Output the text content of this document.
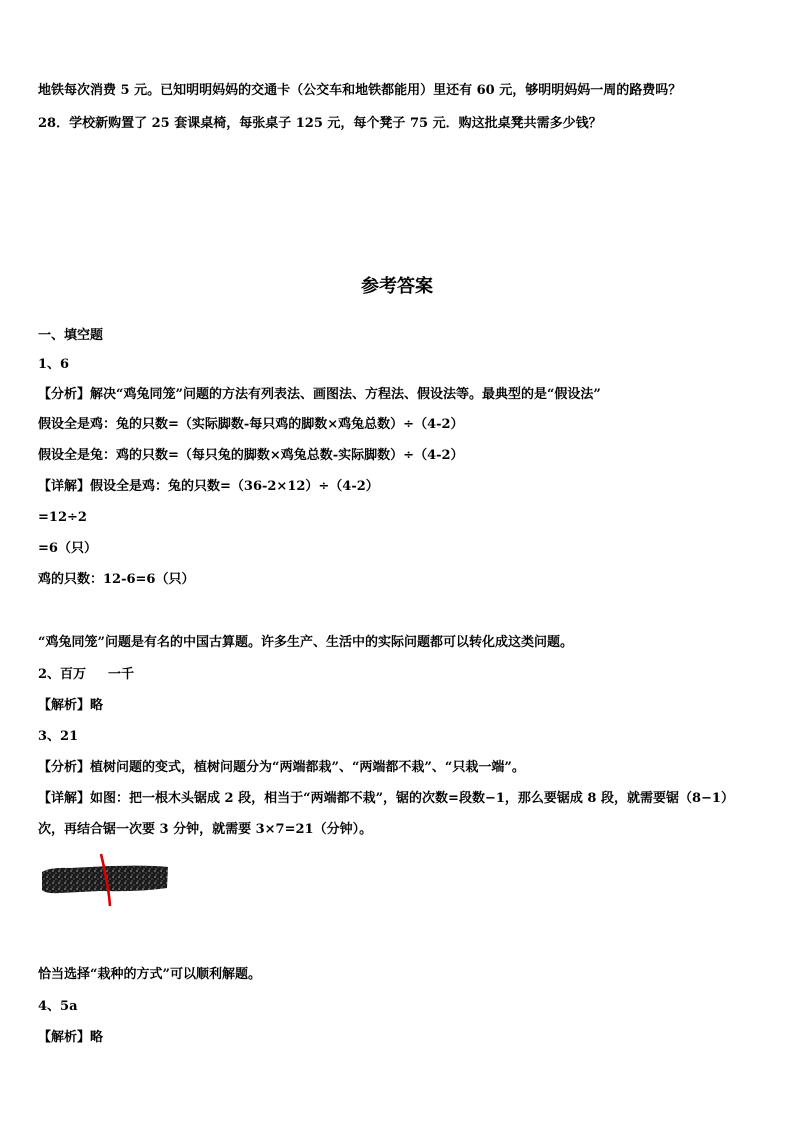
地铁每次消费 5 元。已知明明妈妈的交通卡（公交车和地铁都能用）里还有 60 元，够明明妈妈一周的路费吗？
28．学校新购置了 25 套课桌椅，每张桌子 125 元，每个凳子 75 元．购这批桌凳共需多少钱？
参考答案
一、填空题
1、6
【分析】解决“鸡兔同笼”问题的方法有列表法、画图法、方程法、假设法等。最典型的是“假设法”
假设全是鸡：兔的只数=（实际脚数-每只鸡的脚数×鸡兔总数）÷（4-2）
假设全是兔：鸡的只数=（每只兔的脚数×鸡兔总数-实际脚数）÷（4-2）
【详解】假设全是鸡：兔的只数=（36-2×12）÷（4-2）
=12÷2
=6（只）
鸡的只数：12-6=6（只）
“鸡兔同笼”问题是有名的中国古算题。许多生产、生活中的实际问题都可以转化成这类问题。
2、百万 一千
【解析】略
3、21
【分析】植树问题的变式，植树问题分为“两端都栽”、“两端都不栽”、“只栽一端”。
【详解】如图：把一根木头锯成 2 段，相当于“两端都不栽”，锯的次数=段数−1，那么要锯成 8 段，就需要锯（8−1）
次，再结合锯一次要 3 分钟，就需要 3×7=21（分钟）。
恰当选择“栽种的方式”可以顺利解题。
4、5a
【解析】略
